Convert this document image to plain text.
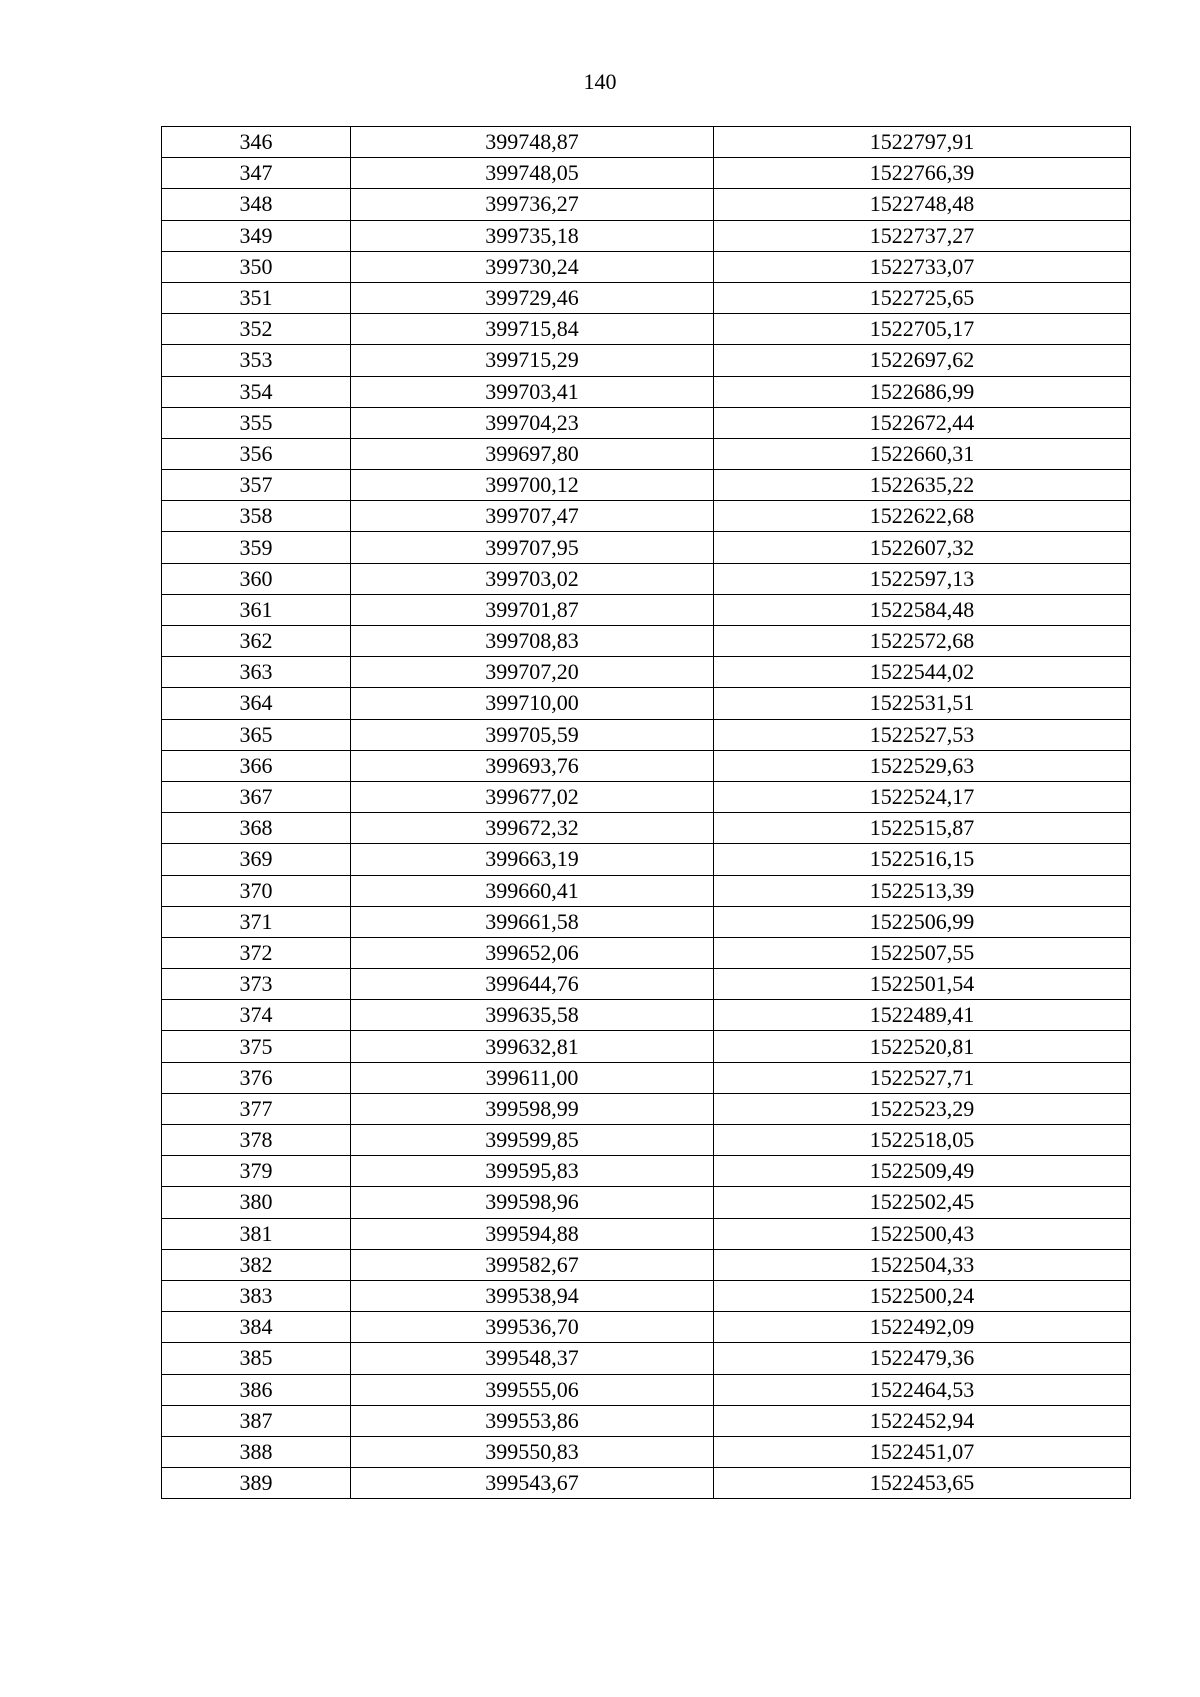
140
346	399748,87	1522797,91
347	399748,05	1522766,39
348	399736,27	1522748,48
349	399735,18	1522737,27
350	399730,24	1522733,07
351	399729,46	1522725,65
352	399715,84	1522705,17
353	399715,29	1522697,62
354	399703,41	1522686,99
355	399704,23	1522672,44
356	399697,80	1522660,31
357	399700,12	1522635,22
358	399707,47	1522622,68
359	399707,95	1522607,32
360	399703,02	1522597,13
361	399701,87	1522584,48
362	399708,83	1522572,68
363	399707,20	1522544,02
364	399710,00	1522531,51
365	399705,59	1522527,53
366	399693,76	1522529,63
367	399677,02	1522524,17
368	399672,32	1522515,87
369	399663,19	1522516,15
370	399660,41	1522513,39
371	399661,58	1522506,99
372	399652,06	1522507,55
373	399644,76	1522501,54
374	399635,58	1522489,41
375	399632,81	1522520,81
376	399611,00	1522527,71
377	399598,99	1522523,29
378	399599,85	1522518,05
379	399595,83	1522509,49
380	399598,96	1522502,45
381	399594,88	1522500,43
382	399582,67	1522504,33
383	399538,94	1522500,24
384	399536,70	1522492,09
385	399548,37	1522479,36
386	399555,06	1522464,53
387	399553,86	1522452,94
388	399550,83	1522451,07
389	399543,67	1522453,65
